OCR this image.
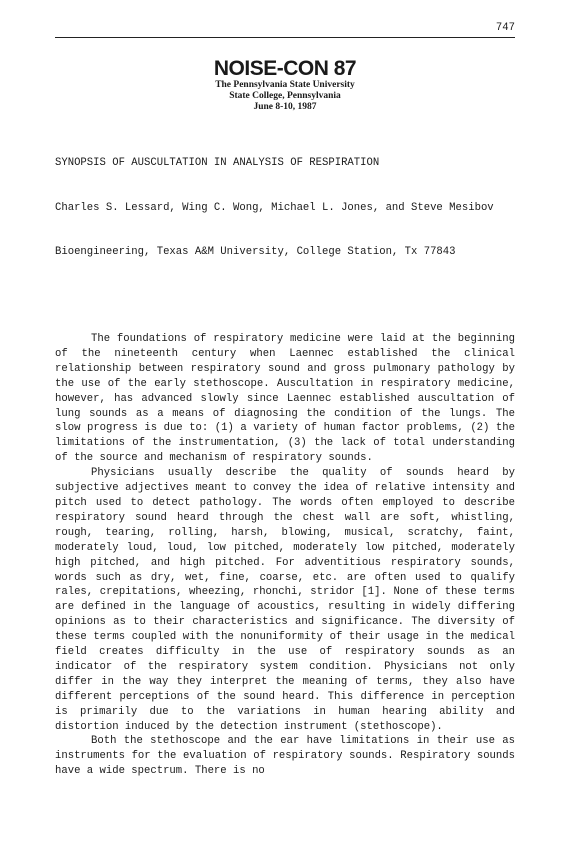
747
NOISE-CON 87
The Pennsylvania State University
State College, Pennsylvania
June 8-10, 1987
SYNOPSIS OF AUSCULTATION IN ANALYSIS OF RESPIRATION
Charles S. Lessard, Wing C. Wong, Michael L. Jones, and Steve Mesibov
Bioengineering, Texas A&M University, College Station, Tx 77843

The foundations of respiratory medicine were laid at the beginning of the nineteenth century when Laennec established the clinical relationship between respiratory sound and gross pulmonary pathology by the use of the early stethoscope. Auscultation in respiratory medicine, however, has advanced slowly since Laennec established auscultation of lung sounds as a means of diagnosing the condition of the lungs. The slow progress is due to: (1) a variety of human factor problems, (2) the limitations of the instrumentation, (3) the lack of total understanding of the source and mechanism of respiratory sounds.

Physicians usually describe the quality of sounds heard by subjective adjectives meant to convey the idea of relative intensity and pitch used to detect pathology. The words often employed to describe respiratory sound heard through the chest wall are soft, whistling, rough, tearing, rolling, harsh, blowing, musical, scratchy, faint, moderately loud, loud, low pitched, moderately low pitched, moderately high pitched, and high pitched. For adventitious respiratory sounds, words such as dry, wet, fine, coarse, etc. are often used to qualify rales, crepitations, wheezing, rhonchi, stridor [1]. None of these terms are defined in the language of acoustics, resulting in widely differing opinions as to their characteristics and significance. The diversity of these terms coupled with the nonuniformity of their usage in the medical field creates difficulty in the use of respiratory sounds as an indicator of the respiratory system condition. Physicians not only differ in the way they interpret the meaning of terms, they also have different perceptions of the sound heard. This difference in perception is primarily due to the variations in human hearing ability and distortion induced by the detection instrument (stethoscope).

Both the stethoscope and the ear have limitations in their use as instruments for the evaluation of respiratory sounds. Respiratory sounds have a wide spectrum. There is no
